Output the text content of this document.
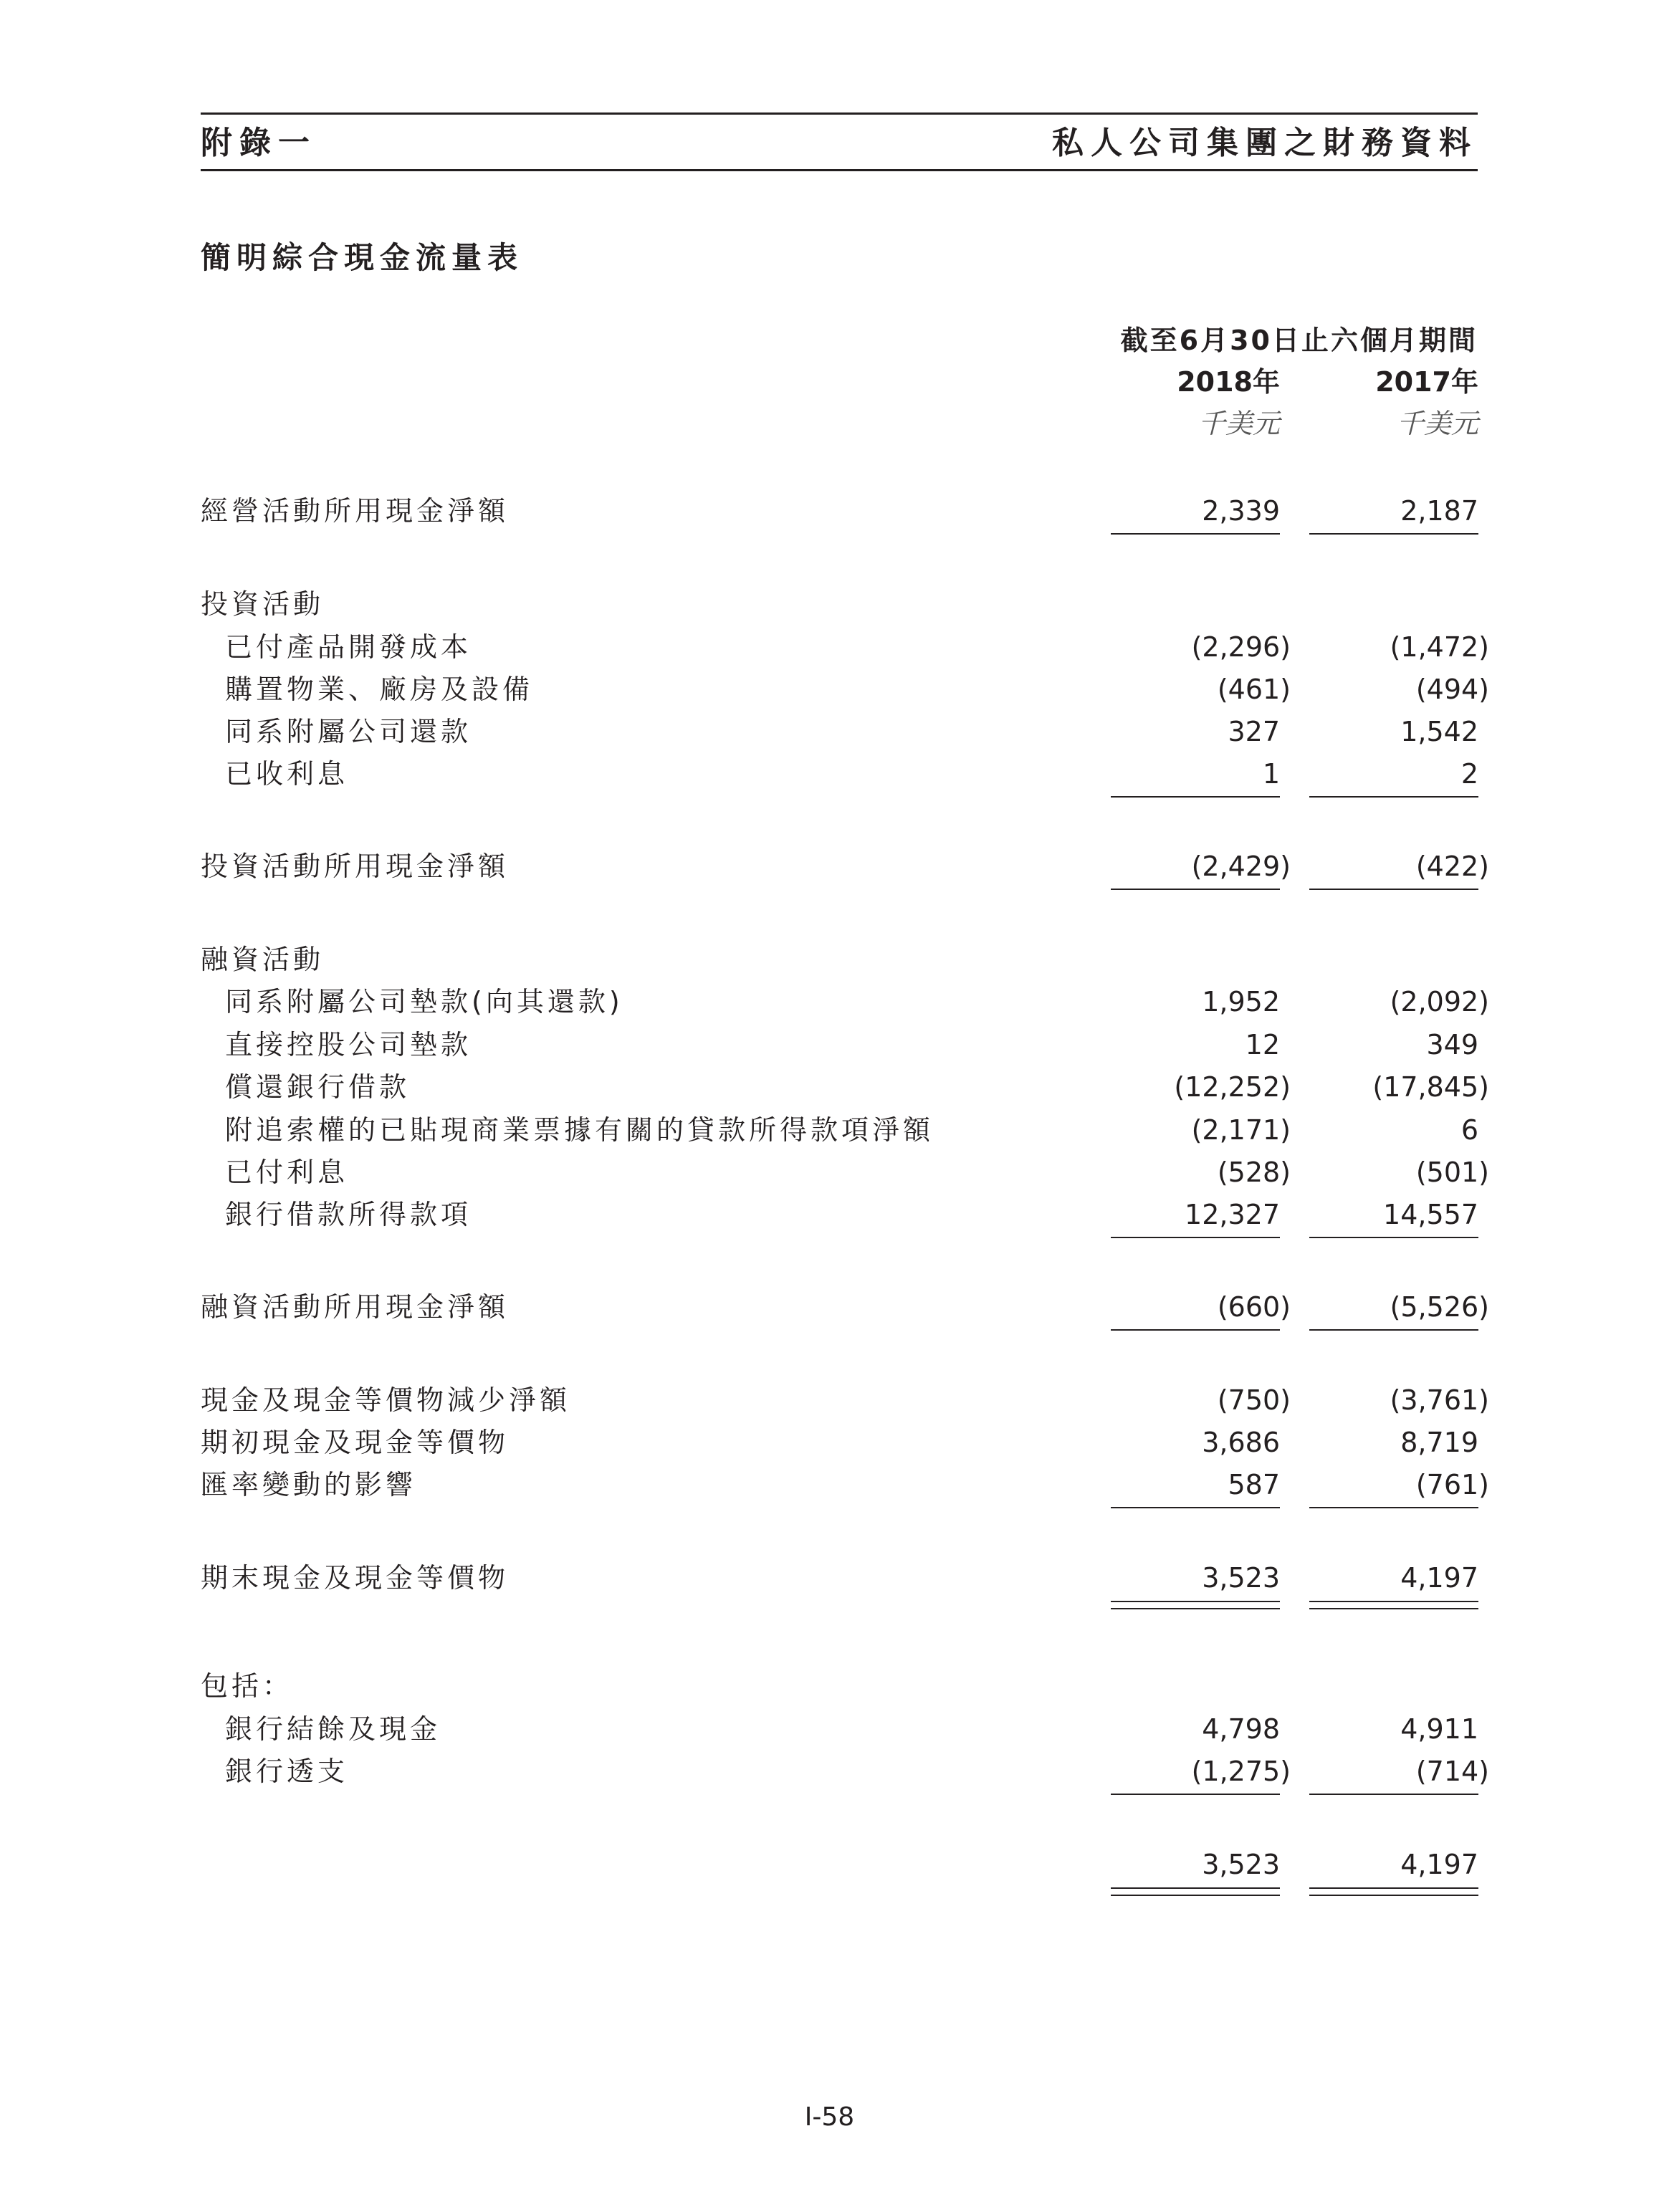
附錄一	私人公司集團之財務資料
簡明綜合現金流量表
截至6月30日止六個月期間
2018年	2017年
千美元	千美元
經營活動所用現金淨額	2,339	2,187
投資活動
已付產品開發成本	(2,296)	(1,472)
購置物業、廠房及設備	(461)	(494)
同系附屬公司還款	327	1,542
已收利息	1	2
投資活動所用現金淨額	(2,429)	(422)
融資活動
同系附屬公司墊款(向其還款)	1,952	(2,092)
直接控股公司墊款	12	349
償還銀行借款	(12,252)	(17,845)
附追索權的已貼現商業票據有關的貸款所得款項淨額	(2,171)	6
已付利息	(528)	(501)
銀行借款所得款項	12,327	14,557
融資活動所用現金淨額	(660)	(5,526)
現金及現金等價物減少淨額	(750)	(3,761)
期初現金及現金等價物	3,686	8,719
匯率變動的影響	587	(761)
期末現金及現金等價物	3,523	4,197
包括：
銀行結餘及現金	4,798	4,911
銀行透支	(1,275)	(714)
3,523	4,197
I-58
